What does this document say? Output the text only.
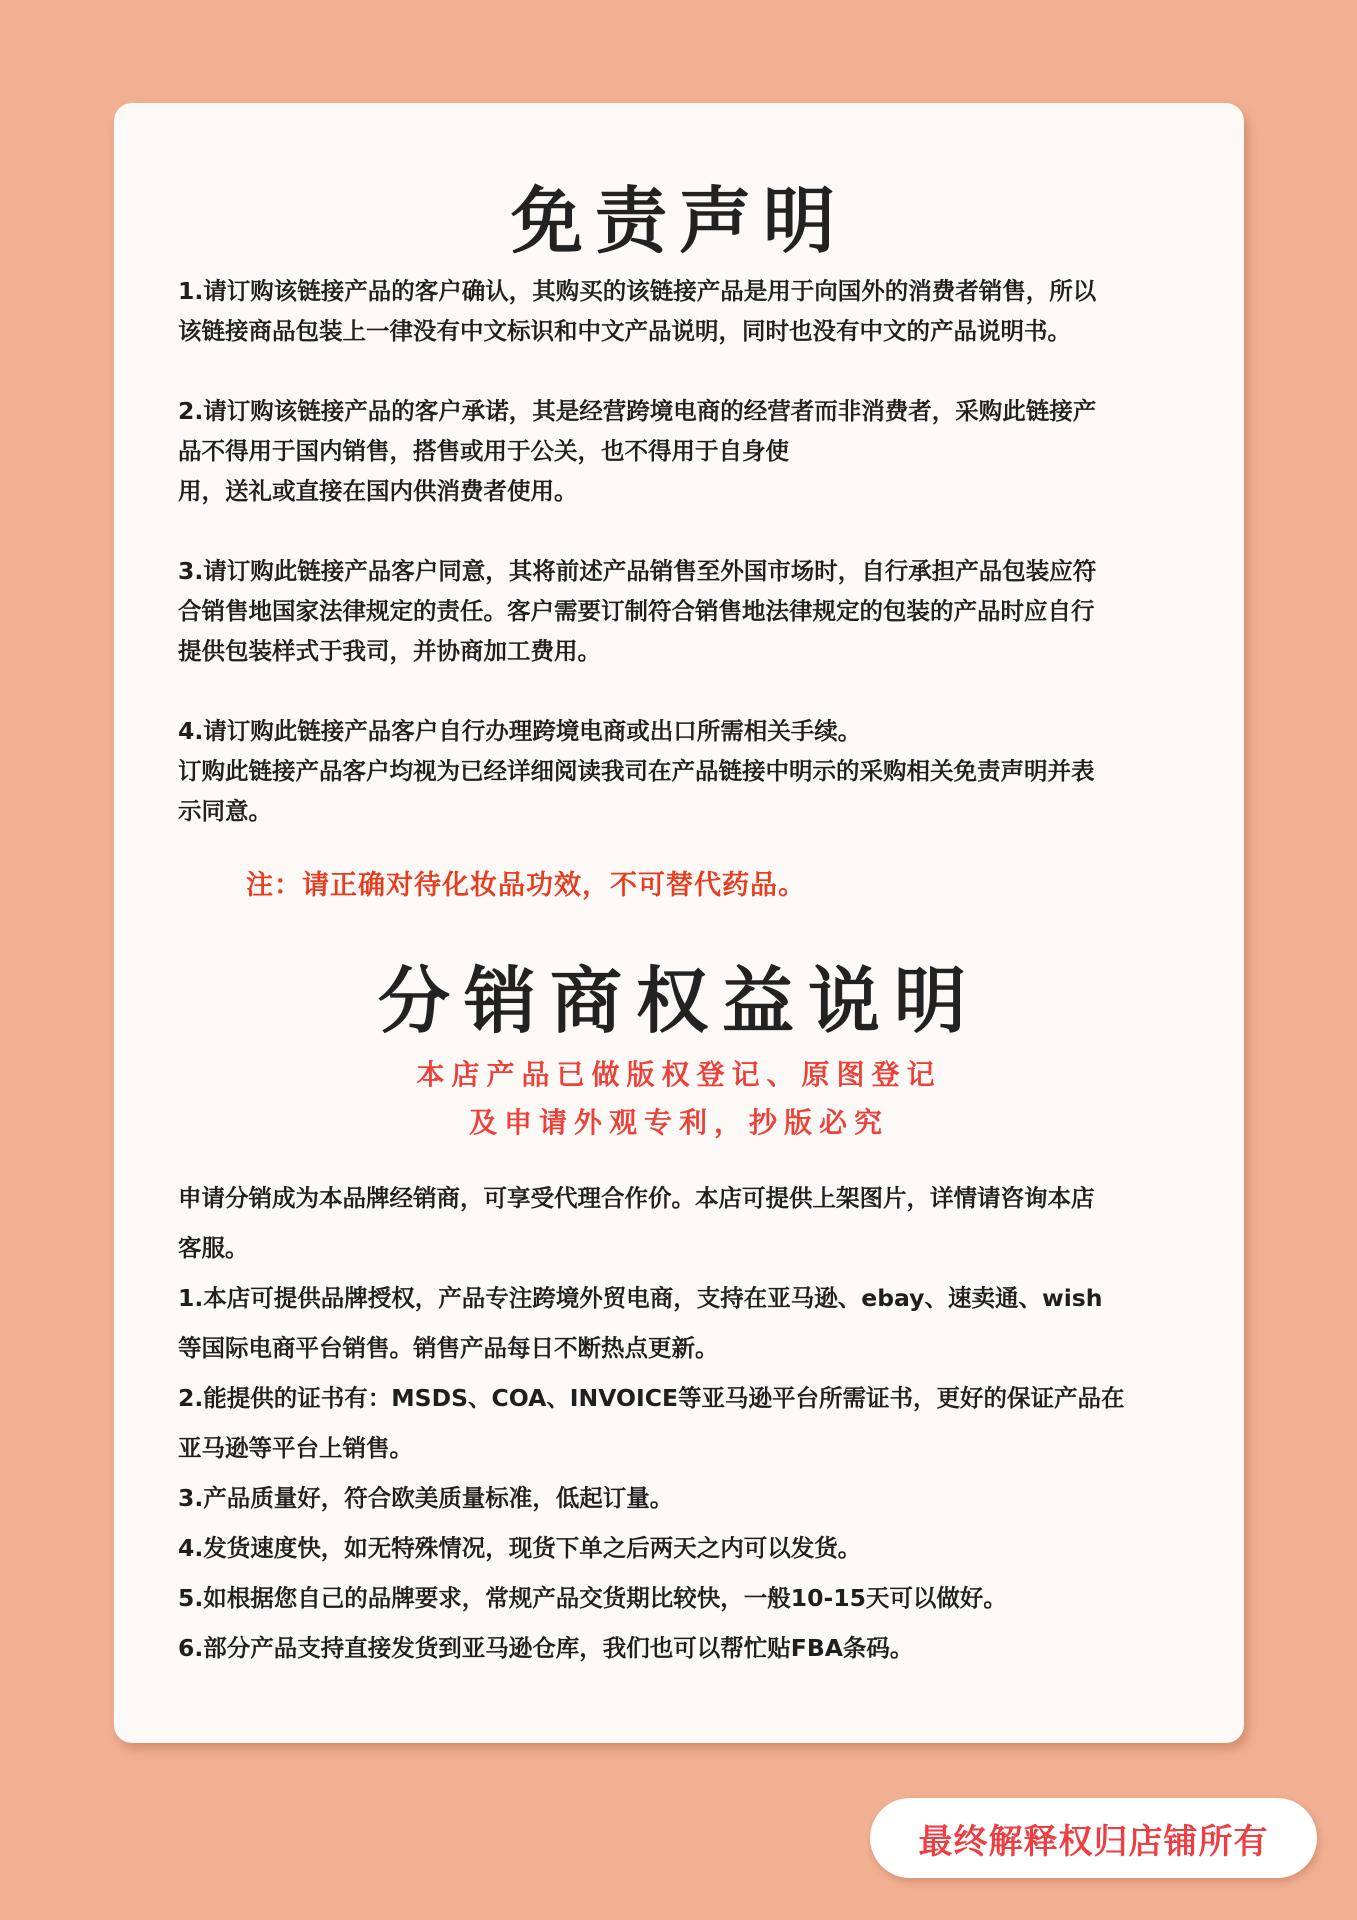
免责声明

1.请订购该链接产品的客户确认，其购买的该链接产品是用于向国外的消费者销售，所以

该链接商品包装上一律没有中文标识和中文产品说明，同时也没有中文的产品说明书。

2.请订购该链接产品的客户承诺，其是经营跨境电商的经营者而非消费者，采购此链接产

品不得用于国内销售，搭售或用于公关，也不得用于自身使

用，送礼或直接在国内供消费者使用。

3.请订购此链接产品客户同意，其将前述产品销售至外国市场时，自行承担产品包装应符

合销售地国家法律规定的责任。客户需要订制符合销售地法律规定的包装的产品时应自行

提供包装样式于我司，并协商加工费用。

4.请订购此链接产品客户自行办理跨境电商或出口所需相关手续。

订购此链接产品客户均视为已经详细阅读我司在产品链接中明示的采购相关免责声明并表

示同意。

注：请正确对待化妆品功效，不可替代药品。
分销商权益说明
本店产品已做版权登记、原图登记
及申请外观专利，抄版必究

申请分销成为本品牌经销商，可享受代理合作价。本店可提供上架图片，详情请咨询本店

客服。

1.本店可提供品牌授权，产品专注跨境外贸电商，支持在亚马逊、ebay、速卖通、wish

等国际电商平台销售。销售产品每日不断热点更新。

2.能提供的证书有：MSDS、COA、INVOICE等亚马逊平台所需证书，更好的保证产品在

亚马逊等平台上销售。

3.产品质量好，符合欧美质量标准，低起订量。

4.发货速度快，如无特殊情况，现货下单之后两天之内可以发货。

5.如根据您自己的品牌要求，常规产品交货期比较快，一般10-15天可以做好。

6.部分产品支持直接发货到亚马逊仓库，我们也可以帮忙贴FBA条码。

最终解释权归店铺所有
